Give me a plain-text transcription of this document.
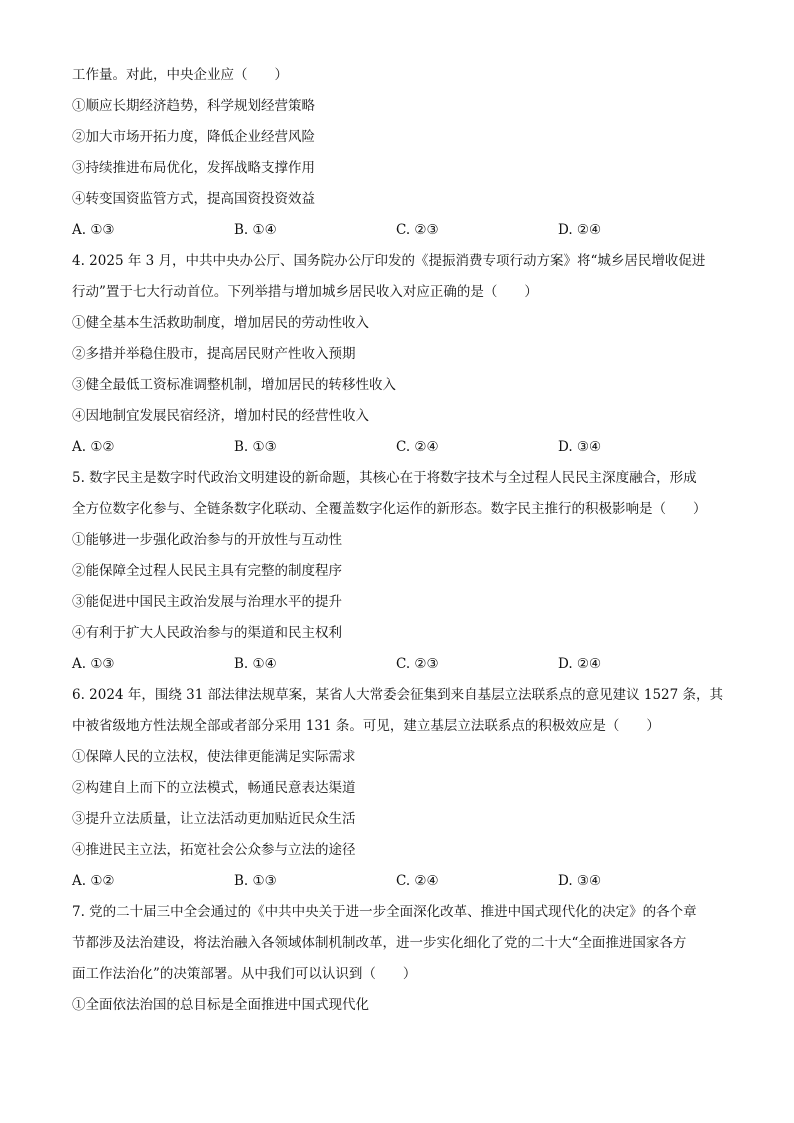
工作量。对此，中央企业应（　　）
①顺应长期经济趋势，科学规划经营策略
②加大市场开拓力度，降低企业经营风险
③持续推进布局优化，发挥战略支撑作用
④转变国资监管方式，提高国资投资效益
A. ①③	B. ①④	C. ②③	D. ②④
4. 2025 年 3 月，中共中央办公厅、国务院办公厅印发的《提振消费专项行动方案》将“城乡居民增收促进
行动”置于七大行动首位。下列举措与增加城乡居民收入对应正确的是（　　）
①健全基本生活救助制度，增加居民的劳动性收入
②多措并举稳住股市，提高居民财产性收入预期
③健全最低工资标准调整机制，增加居民的转移性收入
④因地制宜发展民宿经济，增加村民的经营性收入
A. ①②	B. ①③	C. ②④	D. ③④
5. 数字民主是数字时代政治文明建设的新命题，其核心在于将数字技术与全过程人民民主深度融合，形成
全方位数字化参与、全链条数字化联动、全覆盖数字化运作的新形态。数字民主推行的积极影响是（　　）
①能够进一步强化政治参与的开放性与互动性
②能保障全过程人民民主具有完整的制度程序
③能促进中国民主政治发展与治理水平的提升
④有利于扩大人民政治参与的渠道和民主权利
A. ①③	B. ①④	C. ②③	D. ②④
6. 2024 年，围绕 31 部法律法规草案，某省人大常委会征集到来自基层立法联系点的意见建议 1527 条，其
中被省级地方性法规全部或者部分采用 131 条。可见，建立基层立法联系点的积极效应是（　　）
①保障人民的立法权，使法律更能满足实际需求
②构建自上而下的立法模式，畅通民意表达渠道
③提升立法质量，让立法活动更加贴近民众生活
④推进民主立法，拓宽社会公众参与立法的途径
A. ①②	B. ①③	C. ②④	D. ③④
7. 党的二十届三中全会通过的《中共中央关于进一步全面深化改革、推进中国式现代化的决定》的各个章
节都涉及法治建设，将法治融入各领域体制机制改革，进一步实化细化了党的二十大“全面推进国家各方
面工作法治化”的决策部署。从中我们可以认识到（　　）
①全面依法治国的总目标是全面推进中国式现代化
